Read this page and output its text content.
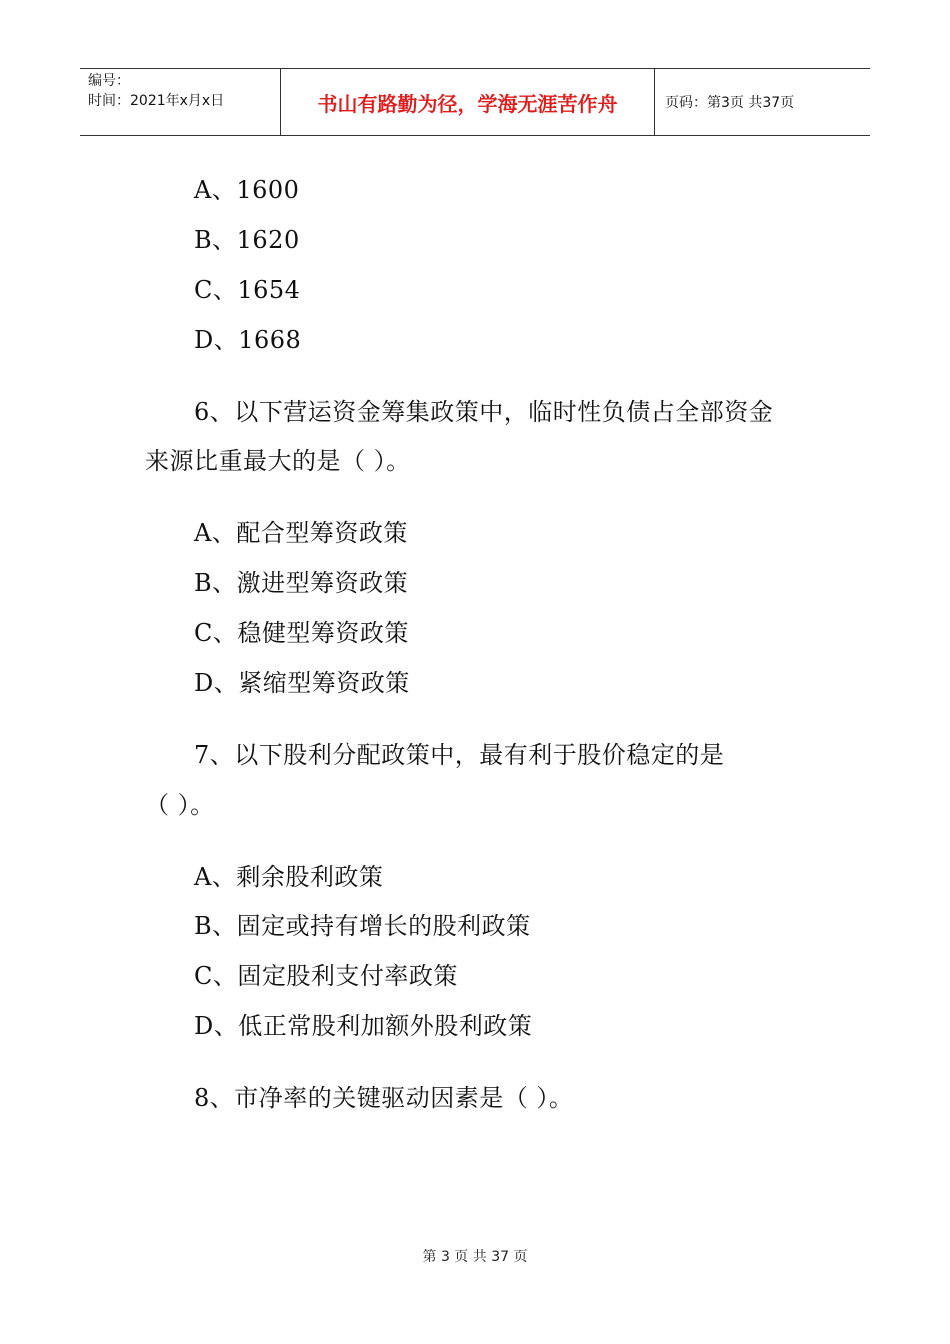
编号：
时间：2021年x月x日	书山有路勤为径，学海无涯苦作舟	页码：第3页 共37页
A、1600
B、1620
C、1654
D、1668
6、以下营运资金筹集政策中，临时性负债占全部资金
来源比重最大的是（ ）。
A、配合型筹资政策
B、激进型筹资政策
C、稳健型筹资政策
D、紧缩型筹资政策
7、以下股利分配政策中，最有利于股价稳定的是
（ ）。
A、剩余股利政策
B、固定或持有增长的股利政策
C、固定股利支付率政策
D、低正常股利加额外股利政策
8、市净率的关键驱动因素是（ ）。
第 3 页 共 37 页
